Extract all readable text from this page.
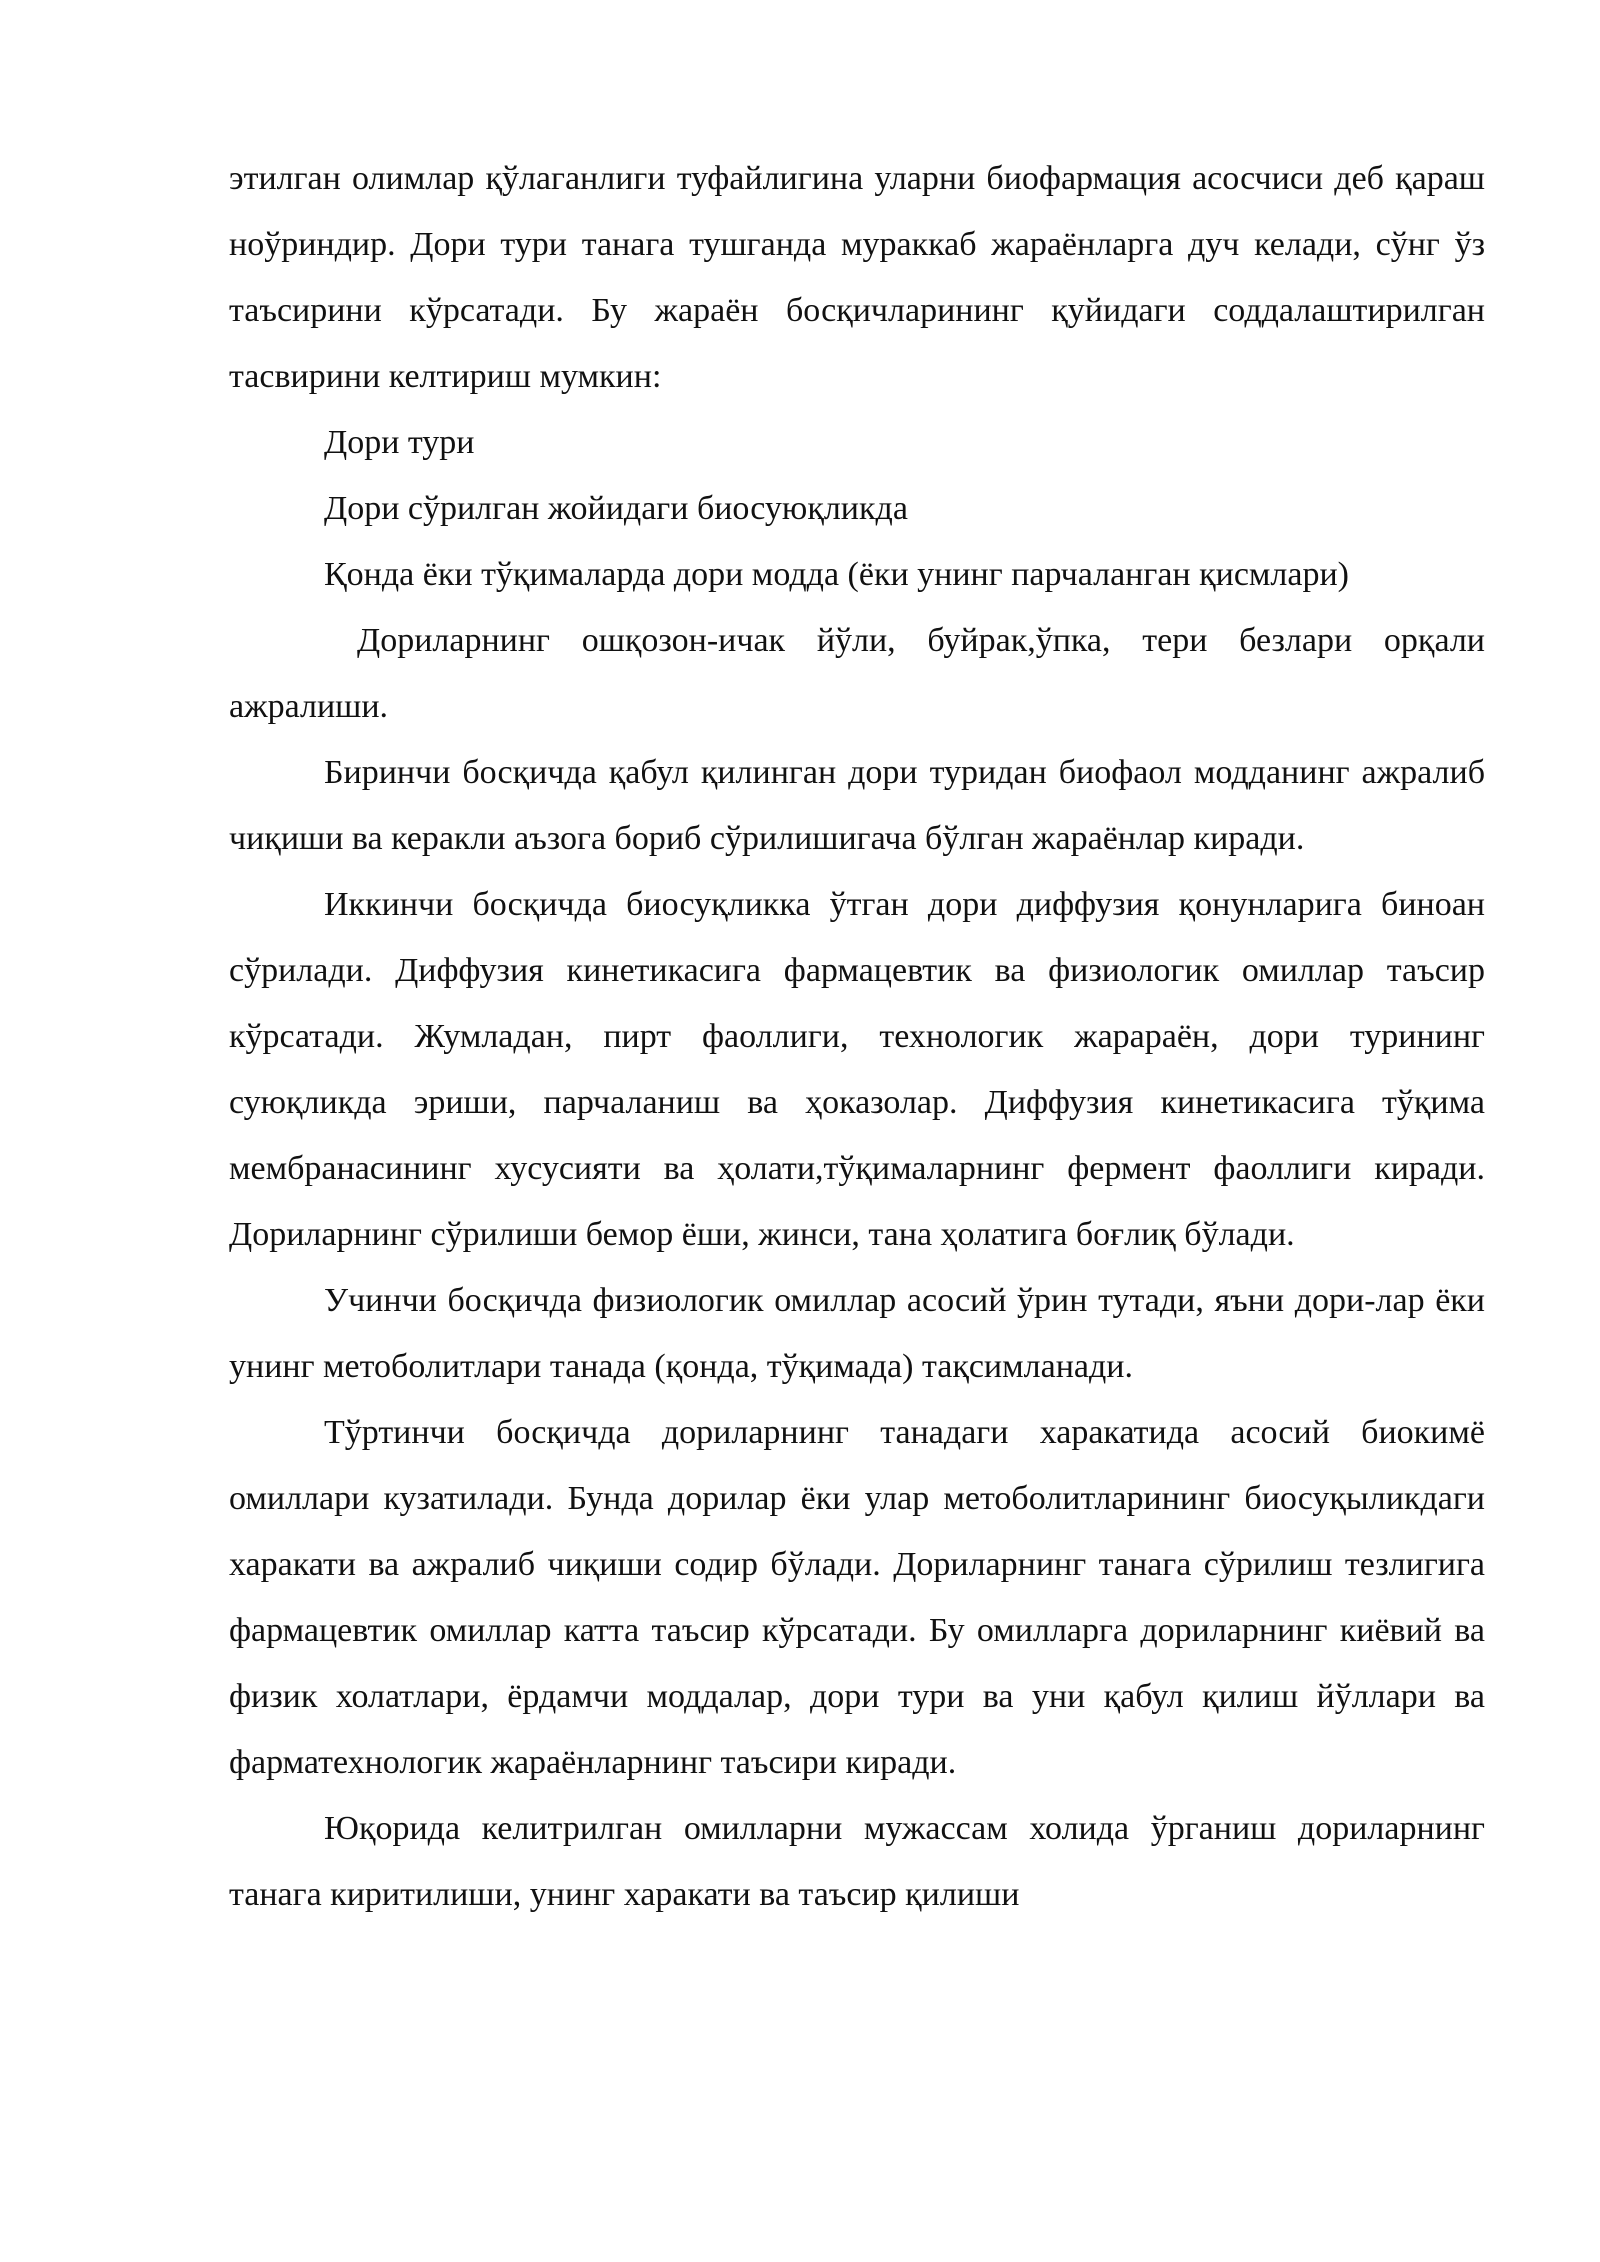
этилган олимлар қўлаганлиги туфайлигина уларни биофармация асосчиси деб қараш ноўриндир. Дори тури танага тушганда мураккаб жараёнларга дуч келади, сўнг ўз таъсирини кўрсатади. Бу жараён босқичларининг қуйидаги соддалаштирилган тасвирини келтириш мумкин:

Дори тури

Дори сўрилган жойидаги биосуюқликда

Қонда ёки тўқималарда дори модда (ёки унинг парчаланган қисмлари)

Дориларнинг ошқозон-ичак йўли, буйрак,ўпка, тери безлари орқали ажралиши.

Биринчи босқичда қабул қилинган дори туридан биофаол модданинг ажралиб чиқиши ва керакли аъзога бориб сўрилишигача бўлган жараёнлар киради.

Иккинчи босқичда биосуқликка ўтган дори диффузия қонунларига биноан сўрилади. Диффузия кинетикасига фармацевтик ва физиологик омиллар таъсир кўрсатади. Жумладан, пирт фаоллиги, технологик жарараён, дори турининг суюқликда эриши, парчаланиш ва ҳоказолар. Диффузия кинетикасига тўқима мембранасининг хусусияти ва ҳолати,тўқималарнинг фермент фаоллиги киради. Дориларнинг сўрилиши бемор ёши, жинси, тана ҳолатига боғлиқ бўлади.

Учинчи босқичда физиологик омиллар асосий ўрин тутади, яъни дори-лар ёки унинг метоболитлари танада (қонда, тўқимада) тақсимланади.

Тўртинчи босқичда дориларнинг танадаги харакатида асосий биокимё омиллари кузатилади. Бунда дорилар ёки улар метоболитларининг биосуқыликдаги харакати ва ажралиб чиқиши содир бўлади. Дориларнинг танага сўрилиш тезлигига фармацевтик омиллар катта таъсир кўрсатади. Бу омилларга дориларнинг киёвий ва физик холатлари, ёрдамчи моддалар, дори тури ва уни қабул қилиш йўллари ва фарматехнологик жараёнларнинг таъсири киради.

Юқорида келитрилган омилларни мужассам холида ўрганиш дориларнинг танага киритилиши, унинг харакати ва таъсир қилиши
